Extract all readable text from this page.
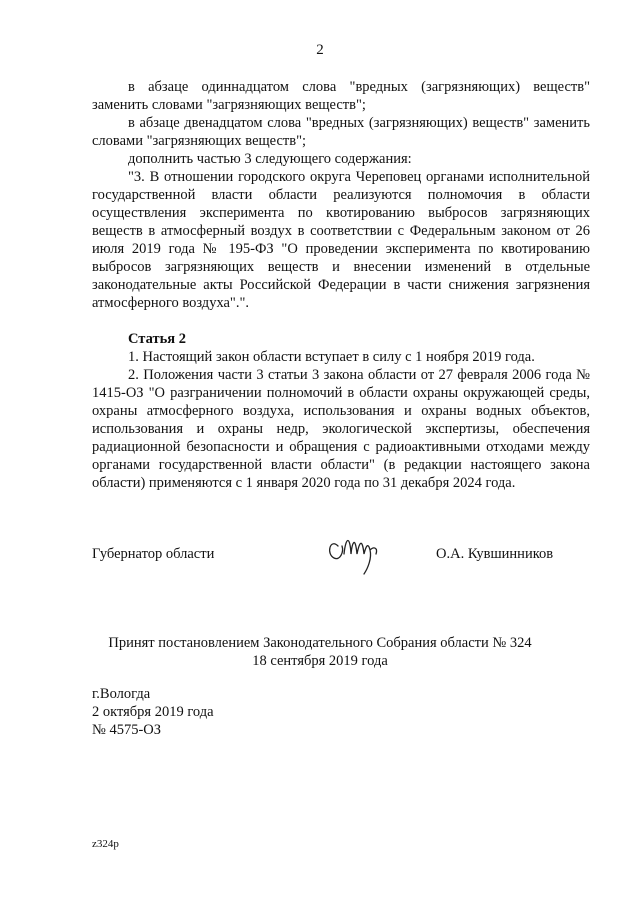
2

в абзаце одиннадцатом слова "вредных (загрязняющих) веществ" заменить словами "загрязняющих веществ";

в абзаце двенадцатом слова "вредных (загрязняющих) веществ" заменить словами "загрязняющих веществ";

дополнить частью 3 следующего содержания:

"3. В отношении городского округа Череповец органами исполнительной государственной власти области реализуются полномочия в области осуществления эксперимента по квотированию выбросов загрязняющих веществ в атмосферный воздух в соответствии с Федеральным законом от 26 июля 2019 года № 195-ФЗ "О проведении эксперимента по квотированию выбросов загрязняющих веществ и внесении изменений в отдельные законодательные акты Российской Федерации в части снижения загрязнения атмосферного воздуха".".

Статья 2

1. Настоящий закон области вступает в силу с 1 ноября 2019 года.

2. Положения части 3 статьи 3 закона области от 27 февраля 2006 года № 1415-ОЗ "О разграничении полномочий в области охраны окружающей среды, охраны атмосферного воздуха, использования и охраны водных объектов, использования и охраны недр, экологической экспертизы, обеспечения радиационной безопасности и обращения с радиоактивными отходами между органами государственной власти области" (в редакции настоящего закона области) применяются с 1 января 2020 года по 31 декабря 2024 года.

Губернатор области	О.А. Кувшинников
Принят постановлением Законодательного Собрания области № 324
18 сентября 2019 года
г.Вологда
2 октября 2019 года
№ 4575-ОЗ
z324p
